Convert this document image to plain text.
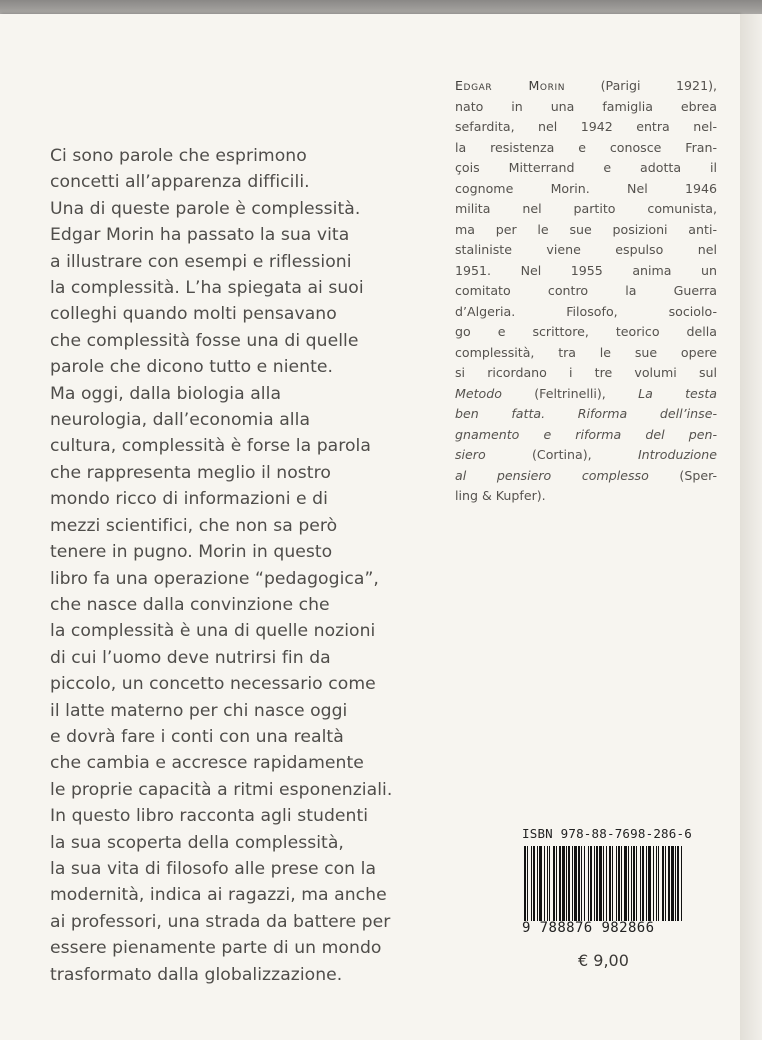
Ci sono parole che esprimono
concetti all’apparenza difficili.
Una di queste parole è complessità.
Edgar Morin ha passato la sua vita
a illustrare con esempi e riflessioni
la complessità. L’ha spiegata ai suoi
colleghi quando molti pensavano
che complessità fosse una di quelle
parole che dicono tutto e niente.
Ma oggi, dalla biologia alla
neurologia, dall’economia alla
cultura, complessità è forse la parola
che rappresenta meglio il nostro
mondo ricco di informazioni e di
mezzi scientifici, che non sa però
tenere in pugno. Morin in questo
libro fa una operazione “pedagogica”,
che nasce dalla convinzione che
la complessità è una di quelle nozioni
di cui l’uomo deve nutrirsi fin da
piccolo, un concetto necessario come
il latte materno per chi nasce oggi
e dovrà fare i conti con una realtà
che cambia e accresce rapidamente
le proprie capacità a ritmi esponenziali.
In questo libro racconta agli studenti
la sua scoperta della complessità,
la sua vita di filosofo alle prese con la
modernità, indica ai ragazzi, ma anche
ai professori, una strada da battere per
essere pienamente parte di un mondo
trasformato dalla globalizzazione.
Edgar Morin (Parigi 1921),
nato in una famiglia ebrea
sefardita, nel 1942 entra nel-
la resistenza e conosce Fran-
çois Mitterrand e adotta il
cognome Morin. Nel 1946
milita nel partito comunista,
ma per le sue posizioni anti-
staliniste viene espulso nel
1951. Nel 1955 anima un
comitato contro la Guerra
d’Algeria. Filosofo, sociolo-
go e scrittore, teorico della
complessità, tra le sue opere
si ricordano i tre volumi sul
Metodo (Feltrinelli), La testa
ben fatta. Riforma dell’inse-
gnamento e riforma del pen-
siero (Cortina), Introduzione
al pensiero complesso (Sper-
ling & Kupfer).
ISBN 978-88-7698-286-6
9 788876 982866
€ 9,00
